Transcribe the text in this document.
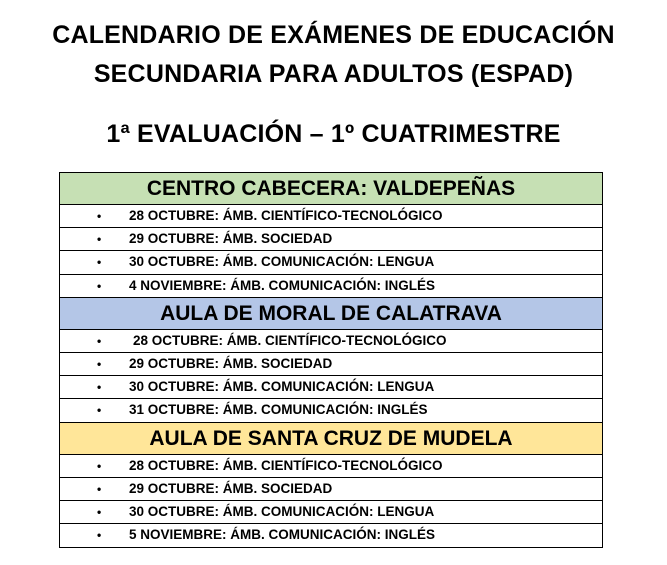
CALENDARIO DE EXÁMENES DE EDUCACIÓN
SECUNDARIA PARA ADULTOS (ESPAD)
1ª EVALUACIÓN – 1º CUATRIMESTRE
CENTRO CABECERA: VALDEPEÑAS
• 28 OCTUBRE: ÁMB. CIENTÍFICO-TECNOLÓGICO
• 29 OCTUBRE: ÁMB. SOCIEDAD
• 30 OCTUBRE: ÁMB. COMUNICACIÓN: LENGUA
• 4 NOVIEMBRE: ÁMB. COMUNICACIÓN: INGLÉS
AULA DE MORAL DE CALATRAVA
• 28 OCTUBRE: ÁMB. CIENTÍFICO-TECNOLÓGICO
• 29 OCTUBRE: ÁMB. SOCIEDAD
• 30 OCTUBRE: ÁMB. COMUNICACIÓN: LENGUA
• 31 OCTUBRE: ÁMB. COMUNICACIÓN: INGLÉS
AULA DE SANTA CRUZ DE MUDELA
• 28 OCTUBRE: ÁMB. CIENTÍFICO-TECNOLÓGICO
• 29 OCTUBRE: ÁMB. SOCIEDAD
• 30 OCTUBRE: ÁMB. COMUNICACIÓN: LENGUA
• 5 NOVIEMBRE: ÁMB. COMUNICACIÓN: INGLÉS
